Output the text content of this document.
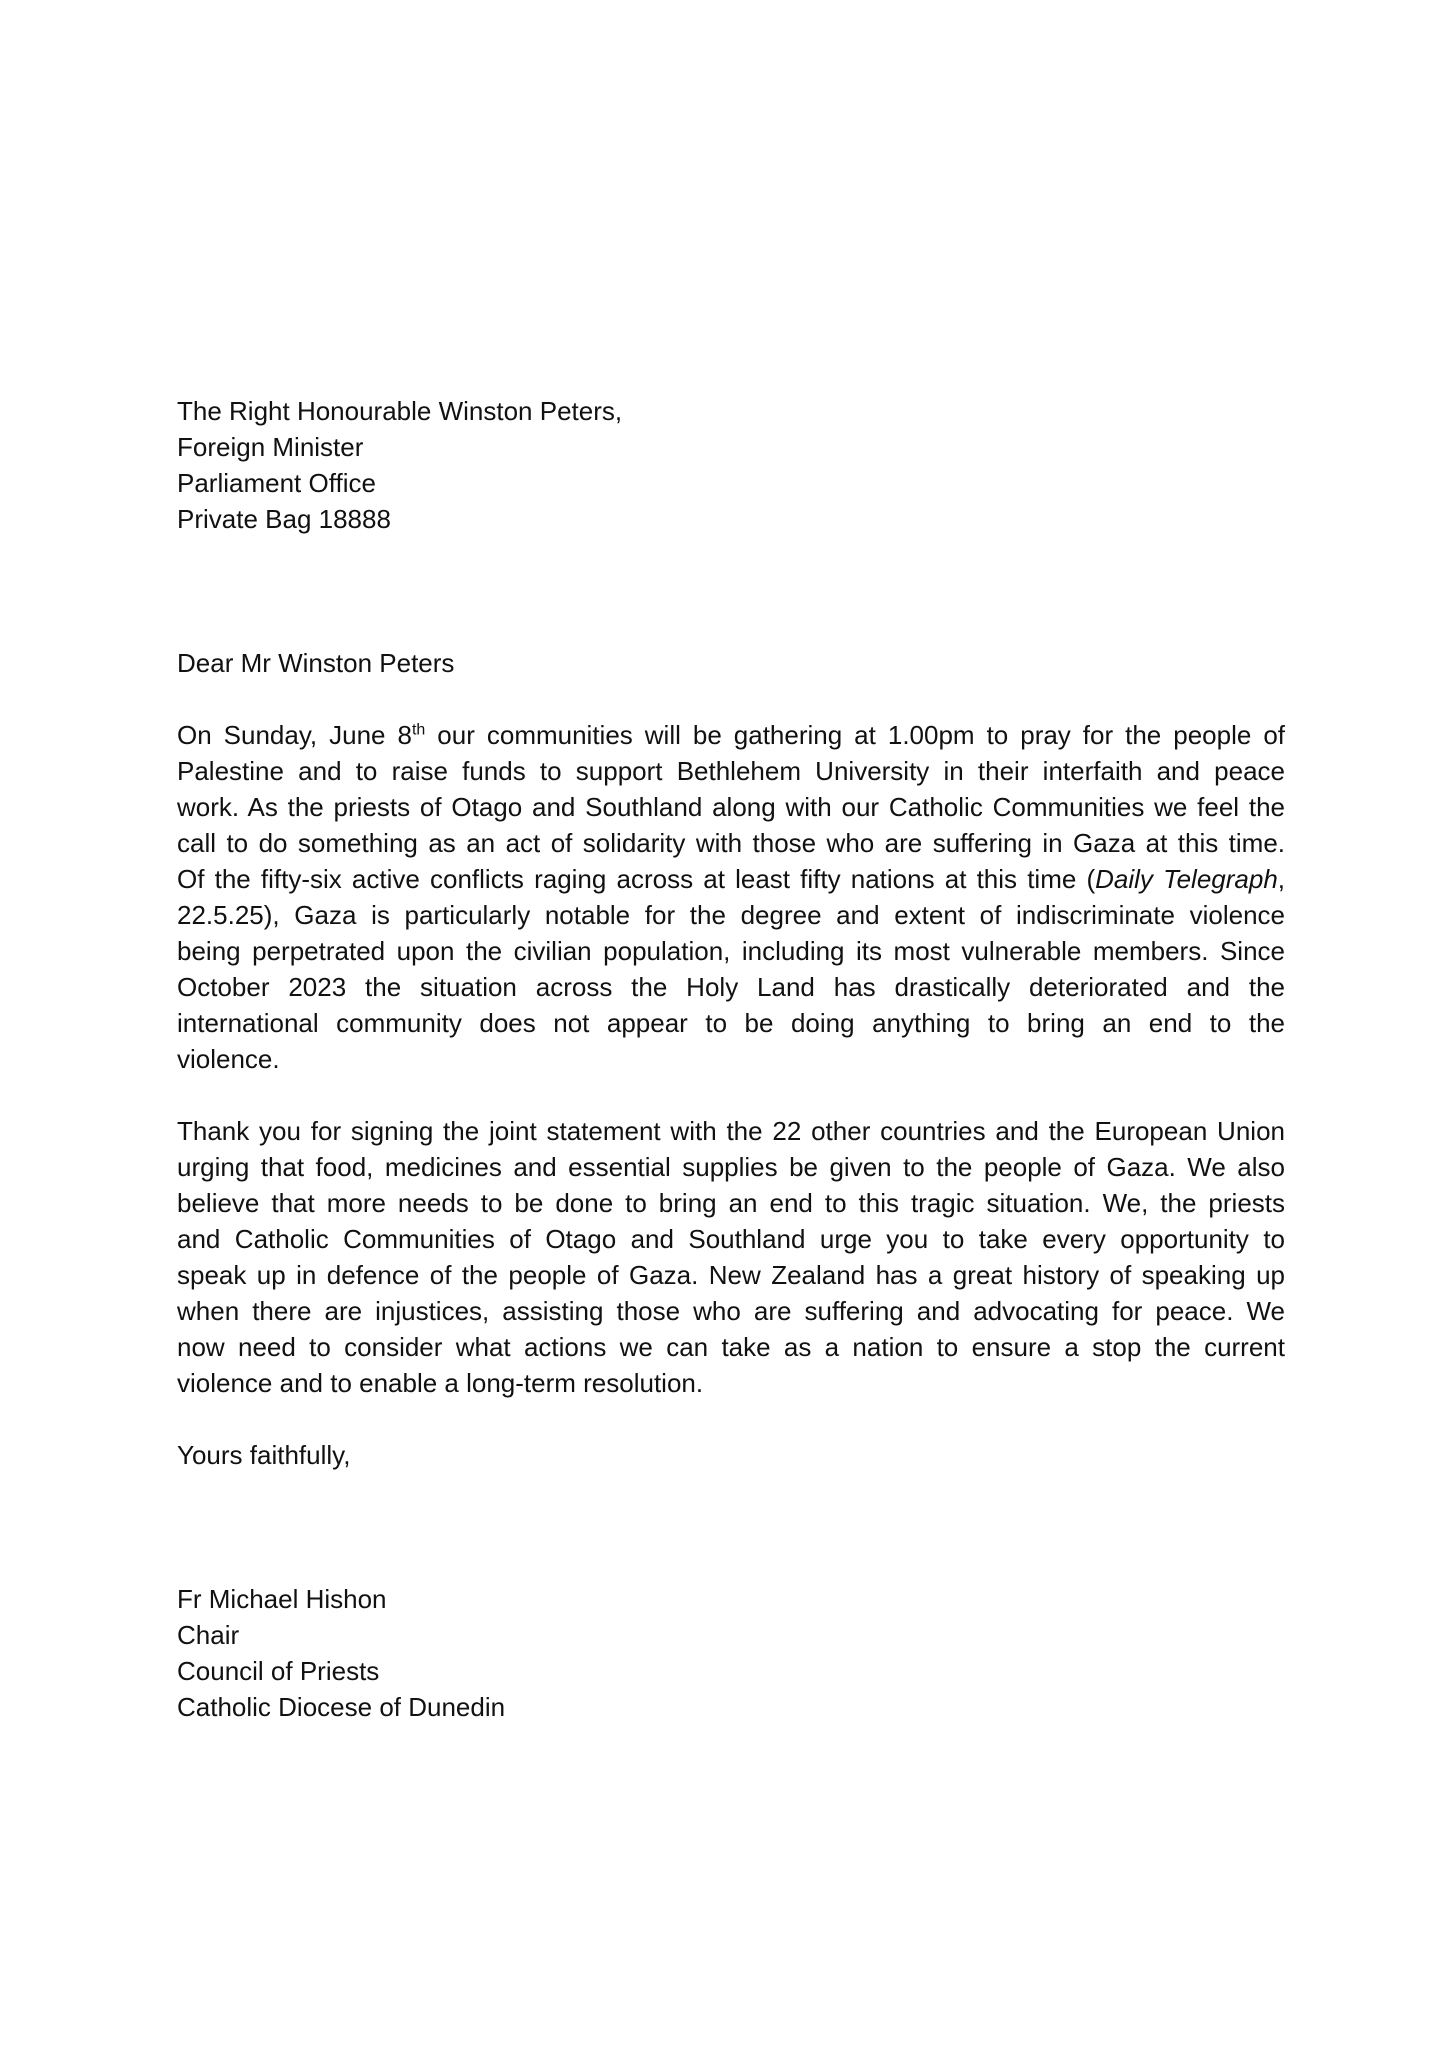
The Right Honourable Winston Peters,
Foreign Minister
Parliament Office
Private Bag 18888
Dear Mr Winston Peters
On Sunday, June 8th our communities will be gathering at 1.00pm to pray for the people of
Palestine and to raise funds to support Bethlehem University in their interfaith and peace
work. As the priests of Otago and Southland along with our Catholic Communities we feel the
call to do something as an act of solidarity with those who are suffering in Gaza at this time.
Of the fifty-six active conflicts raging across at least fifty nations at this time (Daily Telegraph,
22.5.25), Gaza is particularly notable for the degree and extent of indiscriminate violence
being perpetrated upon the civilian population, including its most vulnerable members. Since
October 2023 the situation across the Holy Land has drastically deteriorated and the
international community does not appear to be doing anything to bring an end to the
violence.
Thank you for signing the joint statement with the 22 other countries and the European Union
urging that food, medicines and essential supplies be given to the people of Gaza. We also
believe that more needs to be done to bring an end to this tragic situation. We, the priests
and Catholic Communities of Otago and Southland urge you to take every opportunity to
speak up in defence of the people of Gaza. New Zealand has a great history of speaking up
when there are injustices, assisting those who are suffering and advocating for peace. We
now need to consider what actions we can take as a nation to ensure a stop the current
violence and to enable a long-term resolution.
Yours faithfully,
Fr Michael Hishon
Chair
Council of Priests
Catholic Diocese of Dunedin
